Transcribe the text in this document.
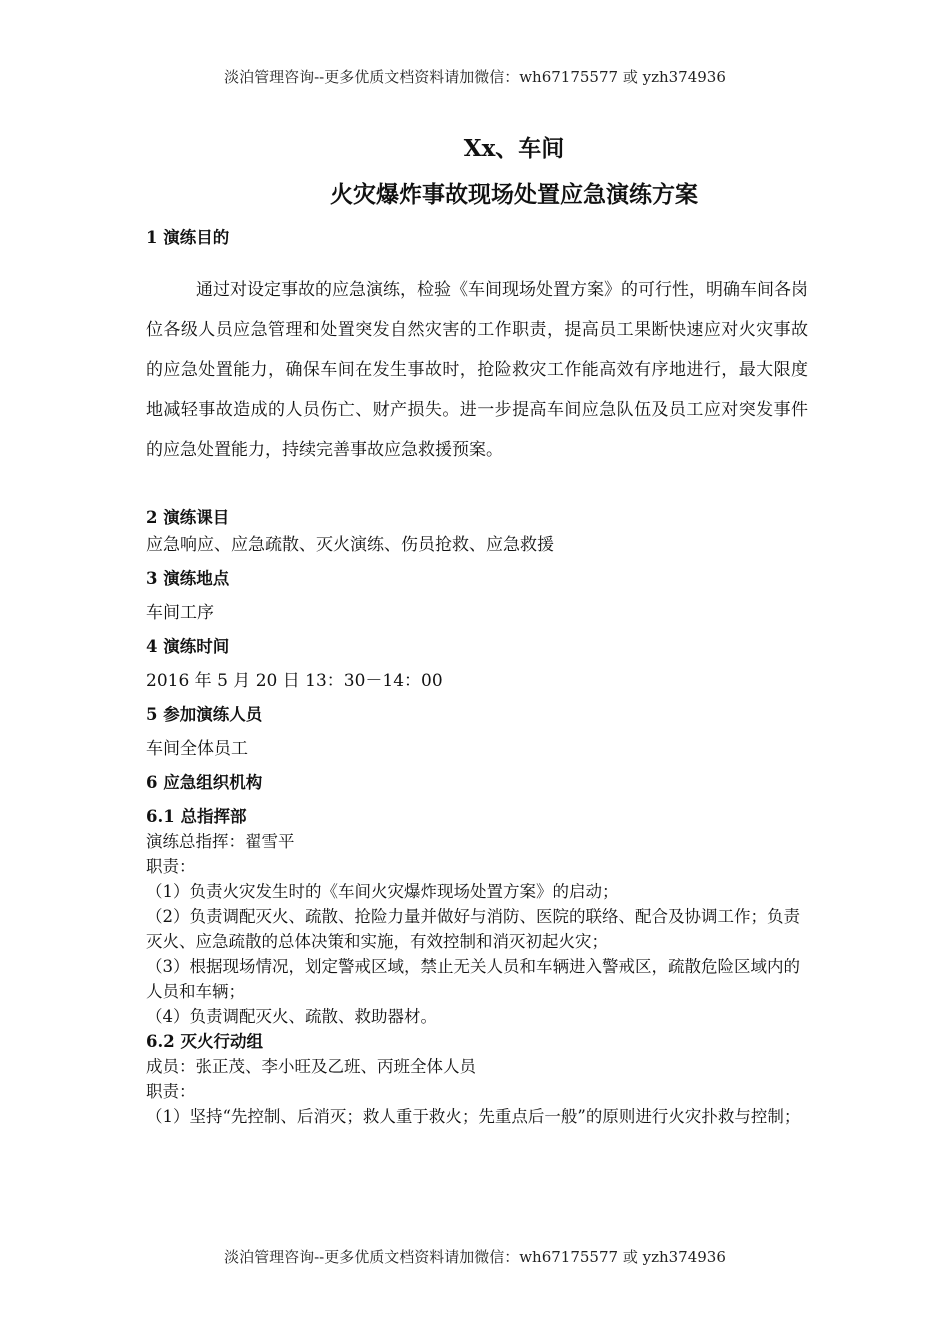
淡泊管理咨询--更多优质文档资料请加微信：wh67175577 或 yzh374936
Xx、车间
火灾爆炸事故现场处置应急演练方案
1 演练目的
通过对设定事故的应急演练，检验《车间现场处置方案》的可行性，明确车间各岗位各级人员应急管理和处置突发自然灾害的工作职责，提高员工果断快速应对火灾事故的应急处置能力，确保车间在发生事故时，抢险救灾工作能高效有序地进行，最大限度地减轻事故造成的人员伤亡、财产损失。进一步提高车间应急队伍及员工应对突发事件的应急处置能力，持续完善事故应急救援预案。
2 演练课目
应急响应、应急疏散、灭火演练、伤员抢救、应急救援
3 演练地点
车间工序
4 演练时间
2016 年 5 月 20 日 13：30－14：00
5 参加演练人员
车间全体员工
6 应急组织机构
6.1 总指挥部
演练总指挥：翟雪平
职责：
（1）负责火灾发生时的《车间火灾爆炸现场处置方案》的启动；
（2）负责调配灭火、疏散、抢险力量并做好与消防、医院的联络、配合及协调工作；负责灭火、应急疏散的总体决策和实施，有效控制和消灭初起火灾；
（3）根据现场情况，划定警戒区域，禁止无关人员和车辆进入警戒区，疏散危险区域内的人员和车辆；
（4）负责调配灭火、疏散、救助器材。
6.2 灭火行动组
成员：张正茂、李小旺及乙班、丙班全体人员
职责：
（1）坚持“先控制、后消灭；救人重于救火；先重点后一般”的原则进行火灾扑救与控制；
淡泊管理咨询--更多优质文档资料请加微信：wh67175577 或 yzh374936
